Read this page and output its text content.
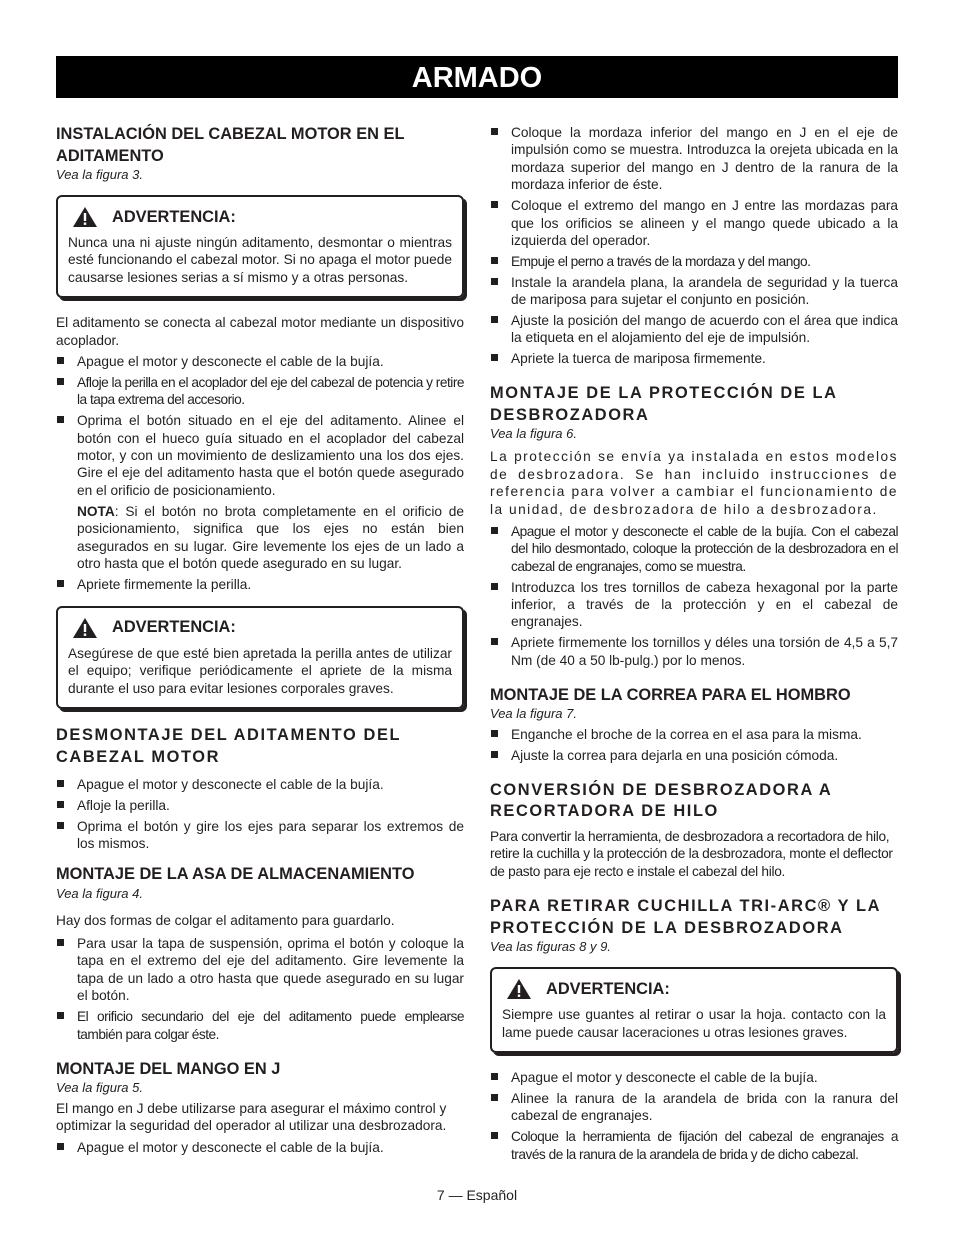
ARMADO
INSTALACIÓN DEL CABEZAL MOTOR EN EL ADITAMENTO
Vea la figura 3.
ADVERTENCIA:
Nunca una ni ajuste ningún aditamento, desmontar o mientras esté funcionando el cabezal motor. Si no apaga el motor puede causarse lesiones serias a sí mismo y a otras personas.

El aditamento se conecta al cabezal motor mediante un dispositivo acoplador.

Apague el motor y desconecte el cable de la bujía.
Afloje la perilla en el acoplador del eje del cabezal de potencia y retire la tapa extrema del accesorio.
Oprima el botón situado en el eje del aditamento. Alinee el botón con el hueco guía situado en el acoplador del cabezal motor, y con un movimiento de deslizamiento una los dos ejes. Gire el eje del aditamento hasta que el botón quede asegurado en el orificio de posicionamiento.
NOTA: Si el botón no brota completamente en el orificio de posicionamiento, significa que los ejes no están bien asegurados en su lugar. Gire levemente los ejes de un lado a otro hasta que el botón quede asegurado en su lugar.
Apriete firmemente la perilla.
ADVERTENCIA:
Asegúrese de que esté bien apretada la perilla antes de utilizar el equipo; verifique periódicamente el apriete de la misma durante el uso para evitar lesiones corporales graves.
DESMONTAJE DEL ADITAMENTO DEL CABEZAL MOTOR
Apague el motor y desconecte el cable de la bujía.
Afloje la perilla.
Oprima el botón y gire los ejes para separar los extremos de los mismos.
MONTAJE DE LA ASA DE ALMACENAMIENTO
Vea la figura 4.

Hay dos formas de colgar el aditamento para guardarlo.

Para usar la tapa de suspensión, oprima el botón y coloque la tapa en el extremo del eje del aditamento. Gire levemente la tapa de un lado a otro hasta que quede asegurado en su lugar el botón.
El orificio secundario del eje del aditamento puede emplearse también para colgar éste.
MONTAJE DEL MANGO EN J
Vea la figura 5.

El mango en J debe utilizarse para asegurar el máximo control y optimizar la seguridad del operador al utilizar una desbrozadora.

Apague el motor y desconecte el cable de la bujía.
Coloque la mordaza inferior del mango en J en el eje de impulsión como se muestra. Introduzca la orejeta ubicada en la mordaza superior del mango en J dentro de la ranura de la mordaza inferior de éste.
Coloque el extremo del mango en J entre las mordazas para que los orificios se alineen y el mango quede ubicado a la izquierda del operador.
Empuje el perno a través de la mordaza y del mango.
Instale la arandela plana, la arandela de seguridad y la tuerca de mariposa para sujetar el conjunto en posición.
Ajuste la posición del mango de acuerdo con el área que indica la etiqueta en el alojamiento del eje de impulsión.
Apriete la tuerca de mariposa firmemente.
MONTAJE DE LA PROTECCIÓN DE LA DESBROZADORA
Vea la figura 6.

La protección se envía ya instalada en estos modelos de desbrozadora. Se han incluido instrucciones de referencia para volver a cambiar el funcionamiento de la unidad, de desbrozadora de hilo a desbrozadora.

Apague el motor y desconecte el cable de la bujía. Con el cabezal del hilo desmontado, coloque la protección de la desbrozadora en el cabezal de engranajes, como se muestra.
Introduzca los tres tornillos de cabeza hexagonal por la parte inferior, a través de la protección y en el cabezal de engranajes.
Apriete firmemente los tornillos y déles una torsión de 4,5 a 5,7 Nm (de 40 a 50 lb-pulg.) por lo menos.
MONTAJE DE LA CORREA PARA EL HOMBRO
Vea la figura 7.
Enganche el broche de la correa en el asa para la misma.
Ajuste la correa para dejarla en una posición cómoda.
CONVERSIÓN DE DESBROZADORA A RECORTADORA DE HILO

Para convertir la herramienta, de desbrozadora a recortadora de hilo, retire la cuchilla y la protección de la desbrozadora, monte el deflector de pasto para eje recto e instale el cabezal del hilo.

PARA RETIRAR CUCHILLA TRI-ARC® Y LA PROTECCIÓN DE LA DESBROZADORA
Vea las figuras 8 y 9.
ADVERTENCIA:
Siempre use guantes al retirar o usar la hoja. contacto con la lame puede causar laceraciones u otras lesiones graves.
Apague el motor y desconecte el cable de la bujía.
Alinee la ranura de la arandela de brida con la ranura del cabezal de engranajes.
Coloque la herramienta de fijación del cabezal de engranajes a través de la ranura de la arandela de brida y de dicho cabezal.
7 — Español
